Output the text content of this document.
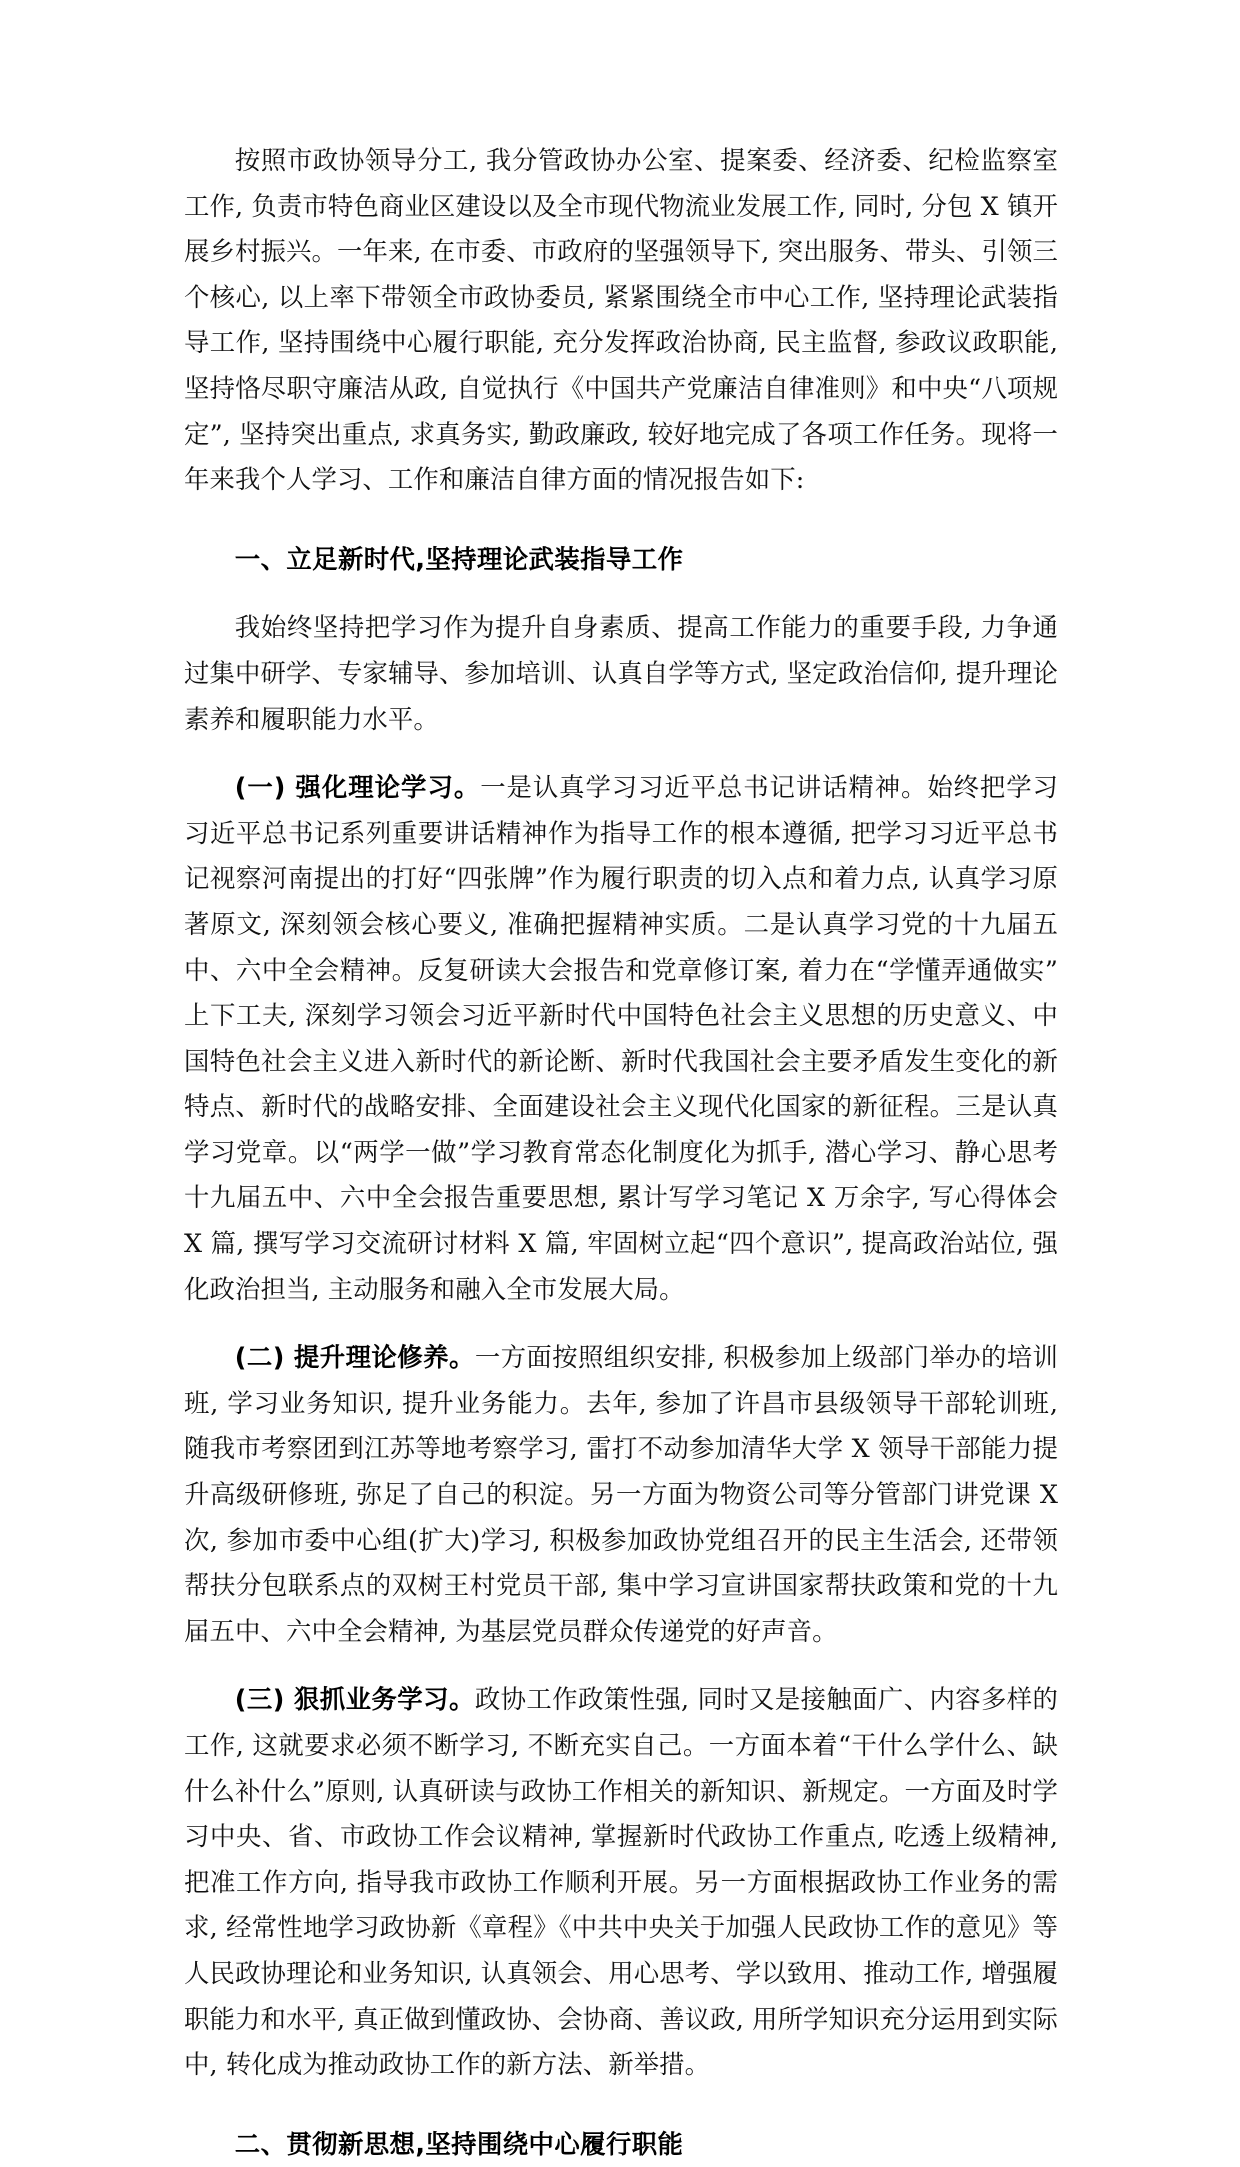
按照市政协领导分工, 我分管政协办公室、提案委、经济委、纪检监察室工作, 负责市特色商业区建设以及全市现代物流业发展工作, 同时, 分包 X 镇开展乡村振兴。一年来, 在市委、市政府的坚强领导下, 突出服务、带头、引领三个核心, 以上率下带领全市政协委员, 紧紧围绕全市中心工作, 坚持理论武装指导工作, 坚持围绕中心履行职能, 充分发挥政治协商, 民主监督, 参政议政职能, 坚持恪尽职守廉洁从政, 自觉执行《中国共产党廉洁自律准则》和中央“八项规定”, 坚持突出重点, 求真务实, 勤政廉政, 较好地完成了各项工作任务。现将一年来我个人学习、工作和廉洁自律方面的情况报告如下:

一、立足新时代,坚持理论武装指导工作

我始终坚持把学习作为提升自身素质、提高工作能力的重要手段, 力争通过集中研学、专家辅导、参加培训、认真自学等方式, 坚定政治信仰, 提升理论素养和履职能力水平。

(一) 强化理论学习。一是认真学习习近平总书记讲话精神。始终把学习习近平总书记系列重要讲话精神作为指导工作的根本遵循, 把学习习近平总书记视察河南提出的打好“四张牌”作为履行职责的切入点和着力点, 认真学习原著原文, 深刻领会核心要义, 准确把握精神实质。二是认真学习党的十九届五中、六中全会精神。反复研读大会报告和党章修订案, 着力在“学懂弄通做实”上下工夫, 深刻学习领会习近平新时代中国特色社会主义思想的历史意义、中国特色社会主义进入新时代的新论断、新时代我国社会主要矛盾发生变化的新特点、新时代的战略安排、全面建设社会主义现代化国家的新征程。三是认真学习党章。以“两学一做”学习教育常态化制度化为抓手, 潜心学习、静心思考十九届五中、六中全会报告重要思想, 累计写学习笔记 X 万余字, 写心得体会 X 篇, 撰写学习交流研讨材料 X 篇, 牢固树立起“四个意识”, 提高政治站位, 强化政治担当, 主动服务和融入全市发展大局。

(二) 提升理论修养。一方面按照组织安排, 积极参加上级部门举办的培训班, 学习业务知识, 提升业务能力。去年, 参加了许昌市县级领导干部轮训班, 随我市考察团到江苏等地考察学习, 雷打不动参加清华大学 X 领导干部能力提升高级研修班, 弥足了自己的积淀。另一方面为物资公司等分管部门讲党课 X 次, 参加市委中心组(扩大)学习, 积极参加政协党组召开的民主生活会, 还带领帮扶分包联系点的双树王村党员干部, 集中学习宣讲国家帮扶政策和党的十九届五中、六中全会精神, 为基层党员群众传递党的好声音。

(三) 狠抓业务学习。政协工作政策性强, 同时又是接触面广、内容多样的工作, 这就要求必须不断学习, 不断充实自己。一方面本着“干什么学什么、缺什么补什么”原则, 认真研读与政协工作相关的新知识、新规定。一方面及时学习中央、省、市政协工作会议精神, 掌握新时代政协工作重点, 吃透上级精神, 把准工作方向, 指导我市政协工作顺利开展。另一方面根据政协工作业务的需求, 经常性地学习政协新《章程》《中共中央关于加强人民政协工作的意见》等人民政协理论和业务知识, 认真领会、用心思考、学以致用、推动工作, 增强履职能力和水平, 真正做到懂政协、会协商、善议政, 用所学知识充分运用到实际中, 转化成为推动政协工作的新方法、新举措。

二、贯彻新思想,坚持围绕中心履行职能
